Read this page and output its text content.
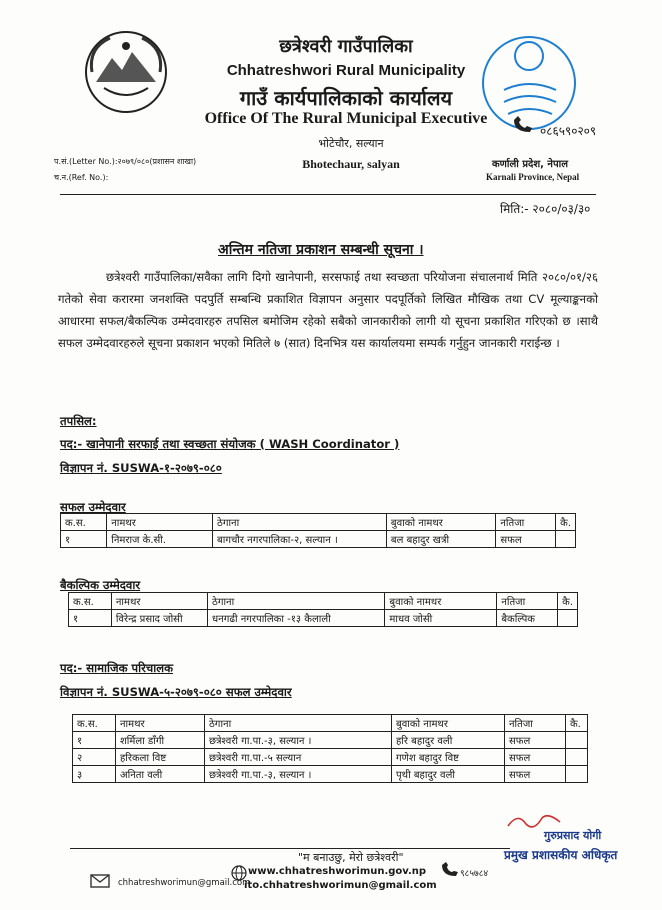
छत्रेश्वरी गाउँपालिका
Chhatreshwori Rural Municipality
गाउँ कार्यपालिकाको कार्यालय
Office Of The Rural Municipal Executive
भोटेचौर, सल्यान
Bhotechaur, salyan
०८६५९०२०९
प.सं.(Letter No.):२०७९/०८०(प्रशासन शाखा)
च.न.(Ref. No.):
कर्णाली प्रदेश, नेपाल
Karnali Province, Nepal
मिति:- २०८०/०३/३०
अन्तिम नतिजा प्रकाशन सम्बन्धी सूचना ।
छत्रेश्वरी गाउँपालिका/सवैका लागि दिगो खानेपानी, सरसफाई तथा स्वच्छता परियोजना संचालनार्थ मिति २०८०/०१/२६ गतेको सेवा करारमा जनशक्ति पदपुर्ति सम्बन्धि प्रकाशित विज्ञापन अनुसार पदपूर्तिको लिखित मौखिक तथा CV मूल्याङ्कनको आधारमा सफल/बैकल्पिक उम्मेदवारहरु तपसिल बमोजिम रहेको सबैको जानकारीको लागी यो सूचना प्रकाशित गरिएको छ ।साथै सफल उम्मेदवारहरुले सूचना प्रकाशन भएको मितिले ७ (सात) दिनभित्र यस कार्यालयमा सम्पर्क गर्नुहुन जानकारी गराईन्छ ।
तपसिल:
पद:- खानेपानी सरफाई तथा स्वच्छता संयोजक ( WASH Coordinator )
विज्ञापन नं. SUSWA-१-२०७९-०८०
सफल उम्मेदवार
क.स.	नामथर	ठेगाना	बुवाको नामथर	नतिजा	कै.
१	निमराज के.सी.	बागचौर नगरपालिका-२, सल्यान ।	बल बहादुर खत्री	सफल	
बैकल्पिक उम्मेदवार
क.स.	नामथर	ठेगाना	बुवाको नामथर	नतिजा	कै.
१	विरेन्द्र प्रसाद जोसी	धनगढी नगरपालिका -१३ कैलाली	माधव जोसी	बैकल्पिक	
पद:- सामाजिक परिचालक
विज्ञापन नं. SUSWA-५-२०७९-०८० सफल उम्मेदवार
क.स.	नामथर	ठेगाना	बुवाको नामथर	नतिजा	कै.
१	शर्मिला डाँगी	छत्रेश्वरी गा.पा.-३, सल्यान ।	हरि बहादुर वली	सफल	
२	हरिकला विष्ट	छत्रेश्वरी गा.पा.-५ सल्यान	गणेश बहादुर विष्ट	सफल	
३	अनिता वली	छत्रेश्वरी गा.पा.-३, सल्यान ।	पृथी बहादुर वली	सफल	
गुरुप्रसाद योगी
प्रमुख प्रशासकीय अधिकृत
"म बनाउछु, मेरो छत्रेश्वरी"
chhatreshworimun@gmail.com
www.chhatreshworimun.gov.np
ito.chhatreshworimun@gmail.com
९८५७८४
